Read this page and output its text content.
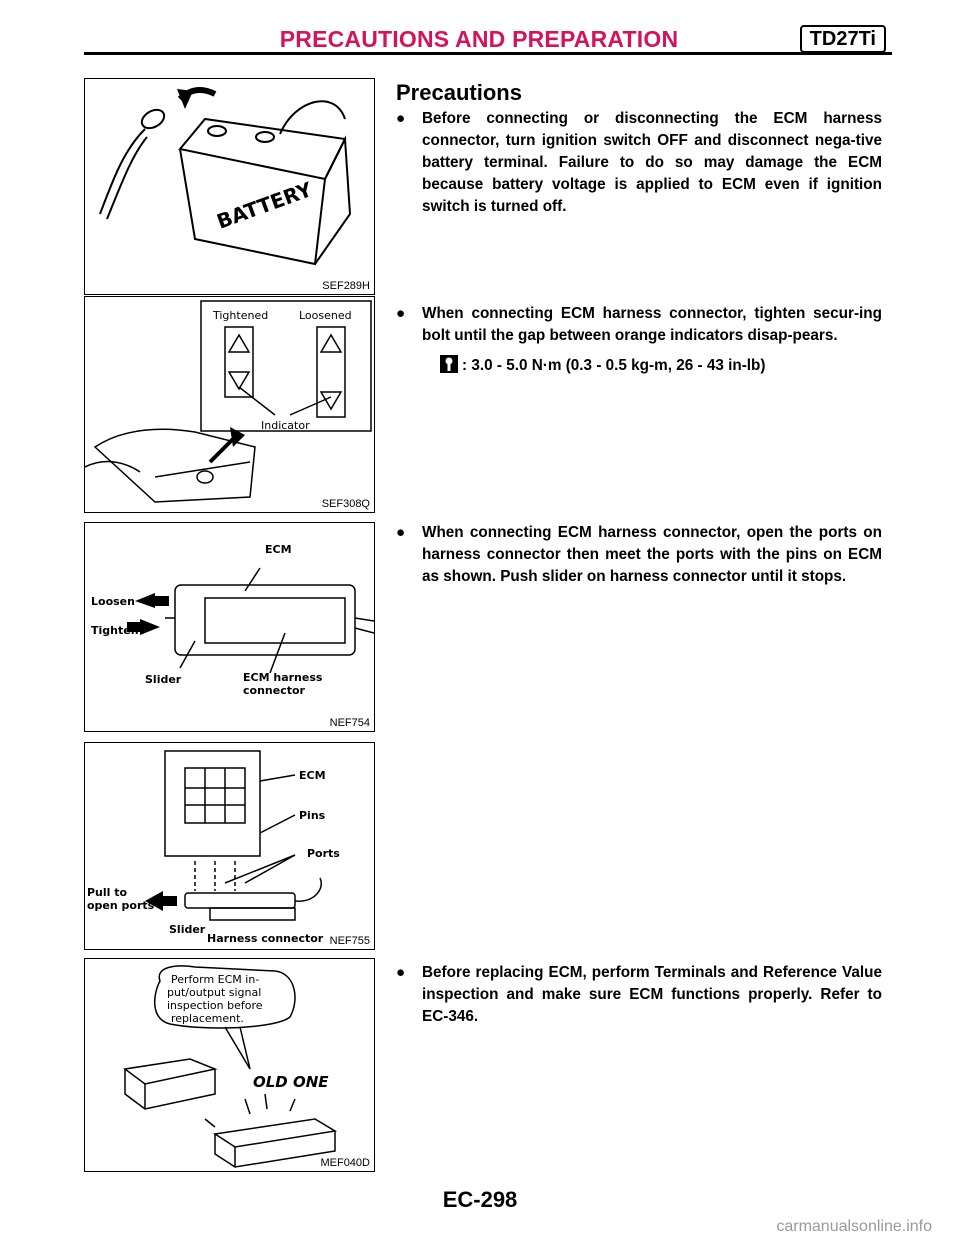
PRECAUTIONS AND PREPARATION	TD27Ti
BATTERY
SEF289H
Tightened	Loosened
Indicator
SEF308Q
ECM
Loosen
Tighten
Slider	ECM harness
connector
NEF754
ECM
Pins
Ports
Pull to
open ports
Slider
Harness connector NEF755
Perform ECM in-
put/output signal
inspection before
replacement.
OLD ONE
MEF040D
Precautions
●	Before connecting or disconnecting the ECM harness connector, turn ignition switch OFF and disconnect nega-tive battery terminal. Failure to do so may damage the ECM because battery voltage is applied to ECM even if ignition switch is turned off.
●	When connecting ECM harness connector, tighten secur-ing bolt until the gap between orange indicators disap-pears.
: 3.0 - 5.0 N·m (0.3 - 0.5 kg-m, 26 - 43 in-lb)
●	When connecting ECM harness connector, open the ports on harness connector then meet the ports with the pins on ECM as shown. Push slider on harness connector until it stops.
●	Before replacing ECM, perform Terminals and Reference Value inspection and make sure ECM functions properly. Refer to EC-346.
EC-298
carmanualsonline.info
